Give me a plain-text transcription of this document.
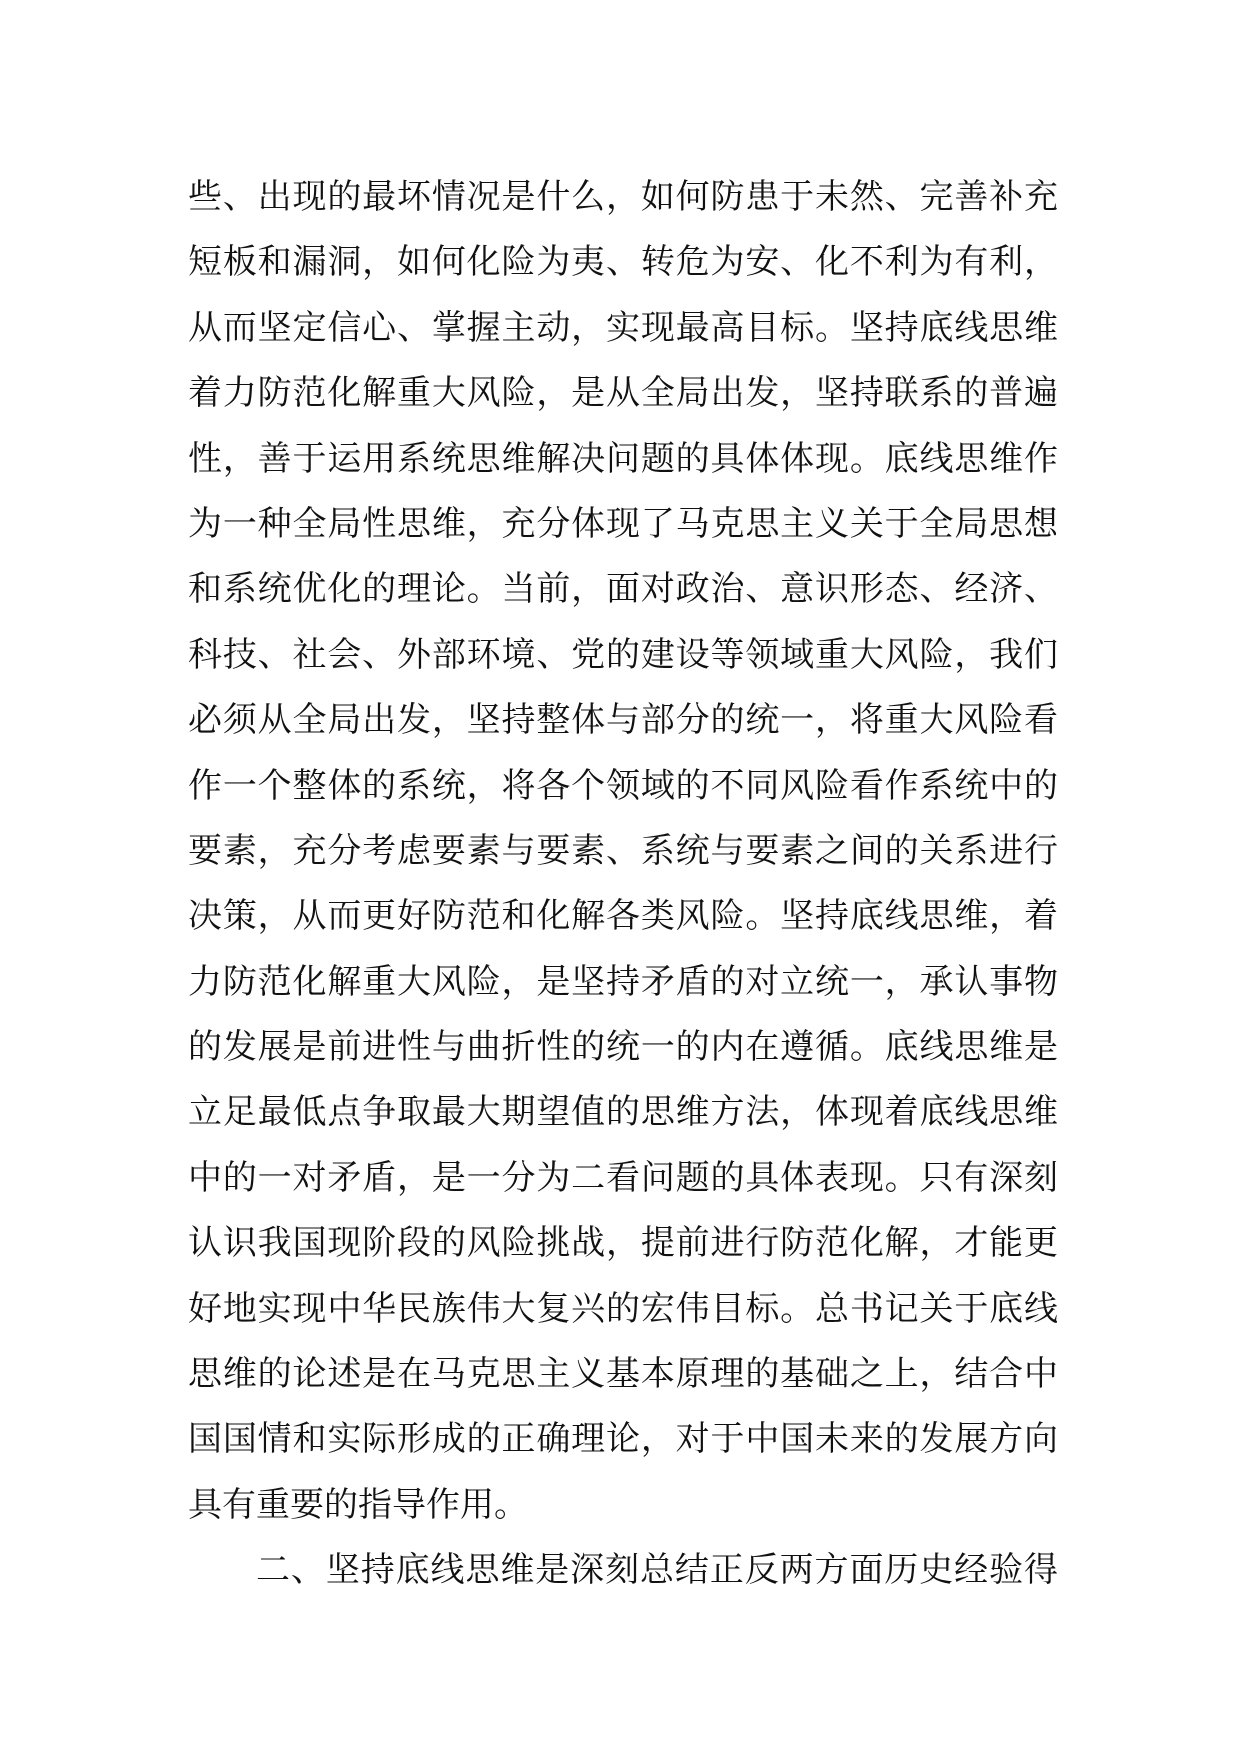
些、出现的最坏情况是什么，如何防患于未然、完善补充
短板和漏洞，如何化险为夷、转危为安、化不利为有利，
从而坚定信心、掌握主动，实现最高目标。坚持底线思维
着力防范化解重大风险，是从全局出发，坚持联系的普遍
性，善于运用系统思维解决问题的具体体现。底线思维作
为一种全局性思维，充分体现了马克思主义关于全局思想
和系统优化的理论。当前，面对政治、意识形态、经济、
科技、社会、外部环境、党的建设等领域重大风险，我们
必须从全局出发，坚持整体与部分的统一，将重大风险看
作一个整体的系统，将各个领域的不同风险看作系统中的
要素，充分考虑要素与要素、系统与要素之间的关系进行
决策，从而更好防范和化解各类风险。坚持底线思维，着
力防范化解重大风险，是坚持矛盾的对立统一，承认事物
的发展是前进性与曲折性的统一的内在遵循。底线思维是
立足最低点争取最大期望值的思维方法，体现着底线思维
中的一对矛盾，是一分为二看问题的具体表现。只有深刻
认识我国现阶段的风险挑战，提前进行防范化解，才能更
好地实现中华民族伟大复兴的宏伟目标。总书记关于底线
思维的论述是在马克思主义基本原理的基础之上，结合中
国国情和实际形成的正确理论，对于中国未来的发展方向
具有重要的指导作用。
二、坚持底线思维是深刻总结正反两方面历史经验得
